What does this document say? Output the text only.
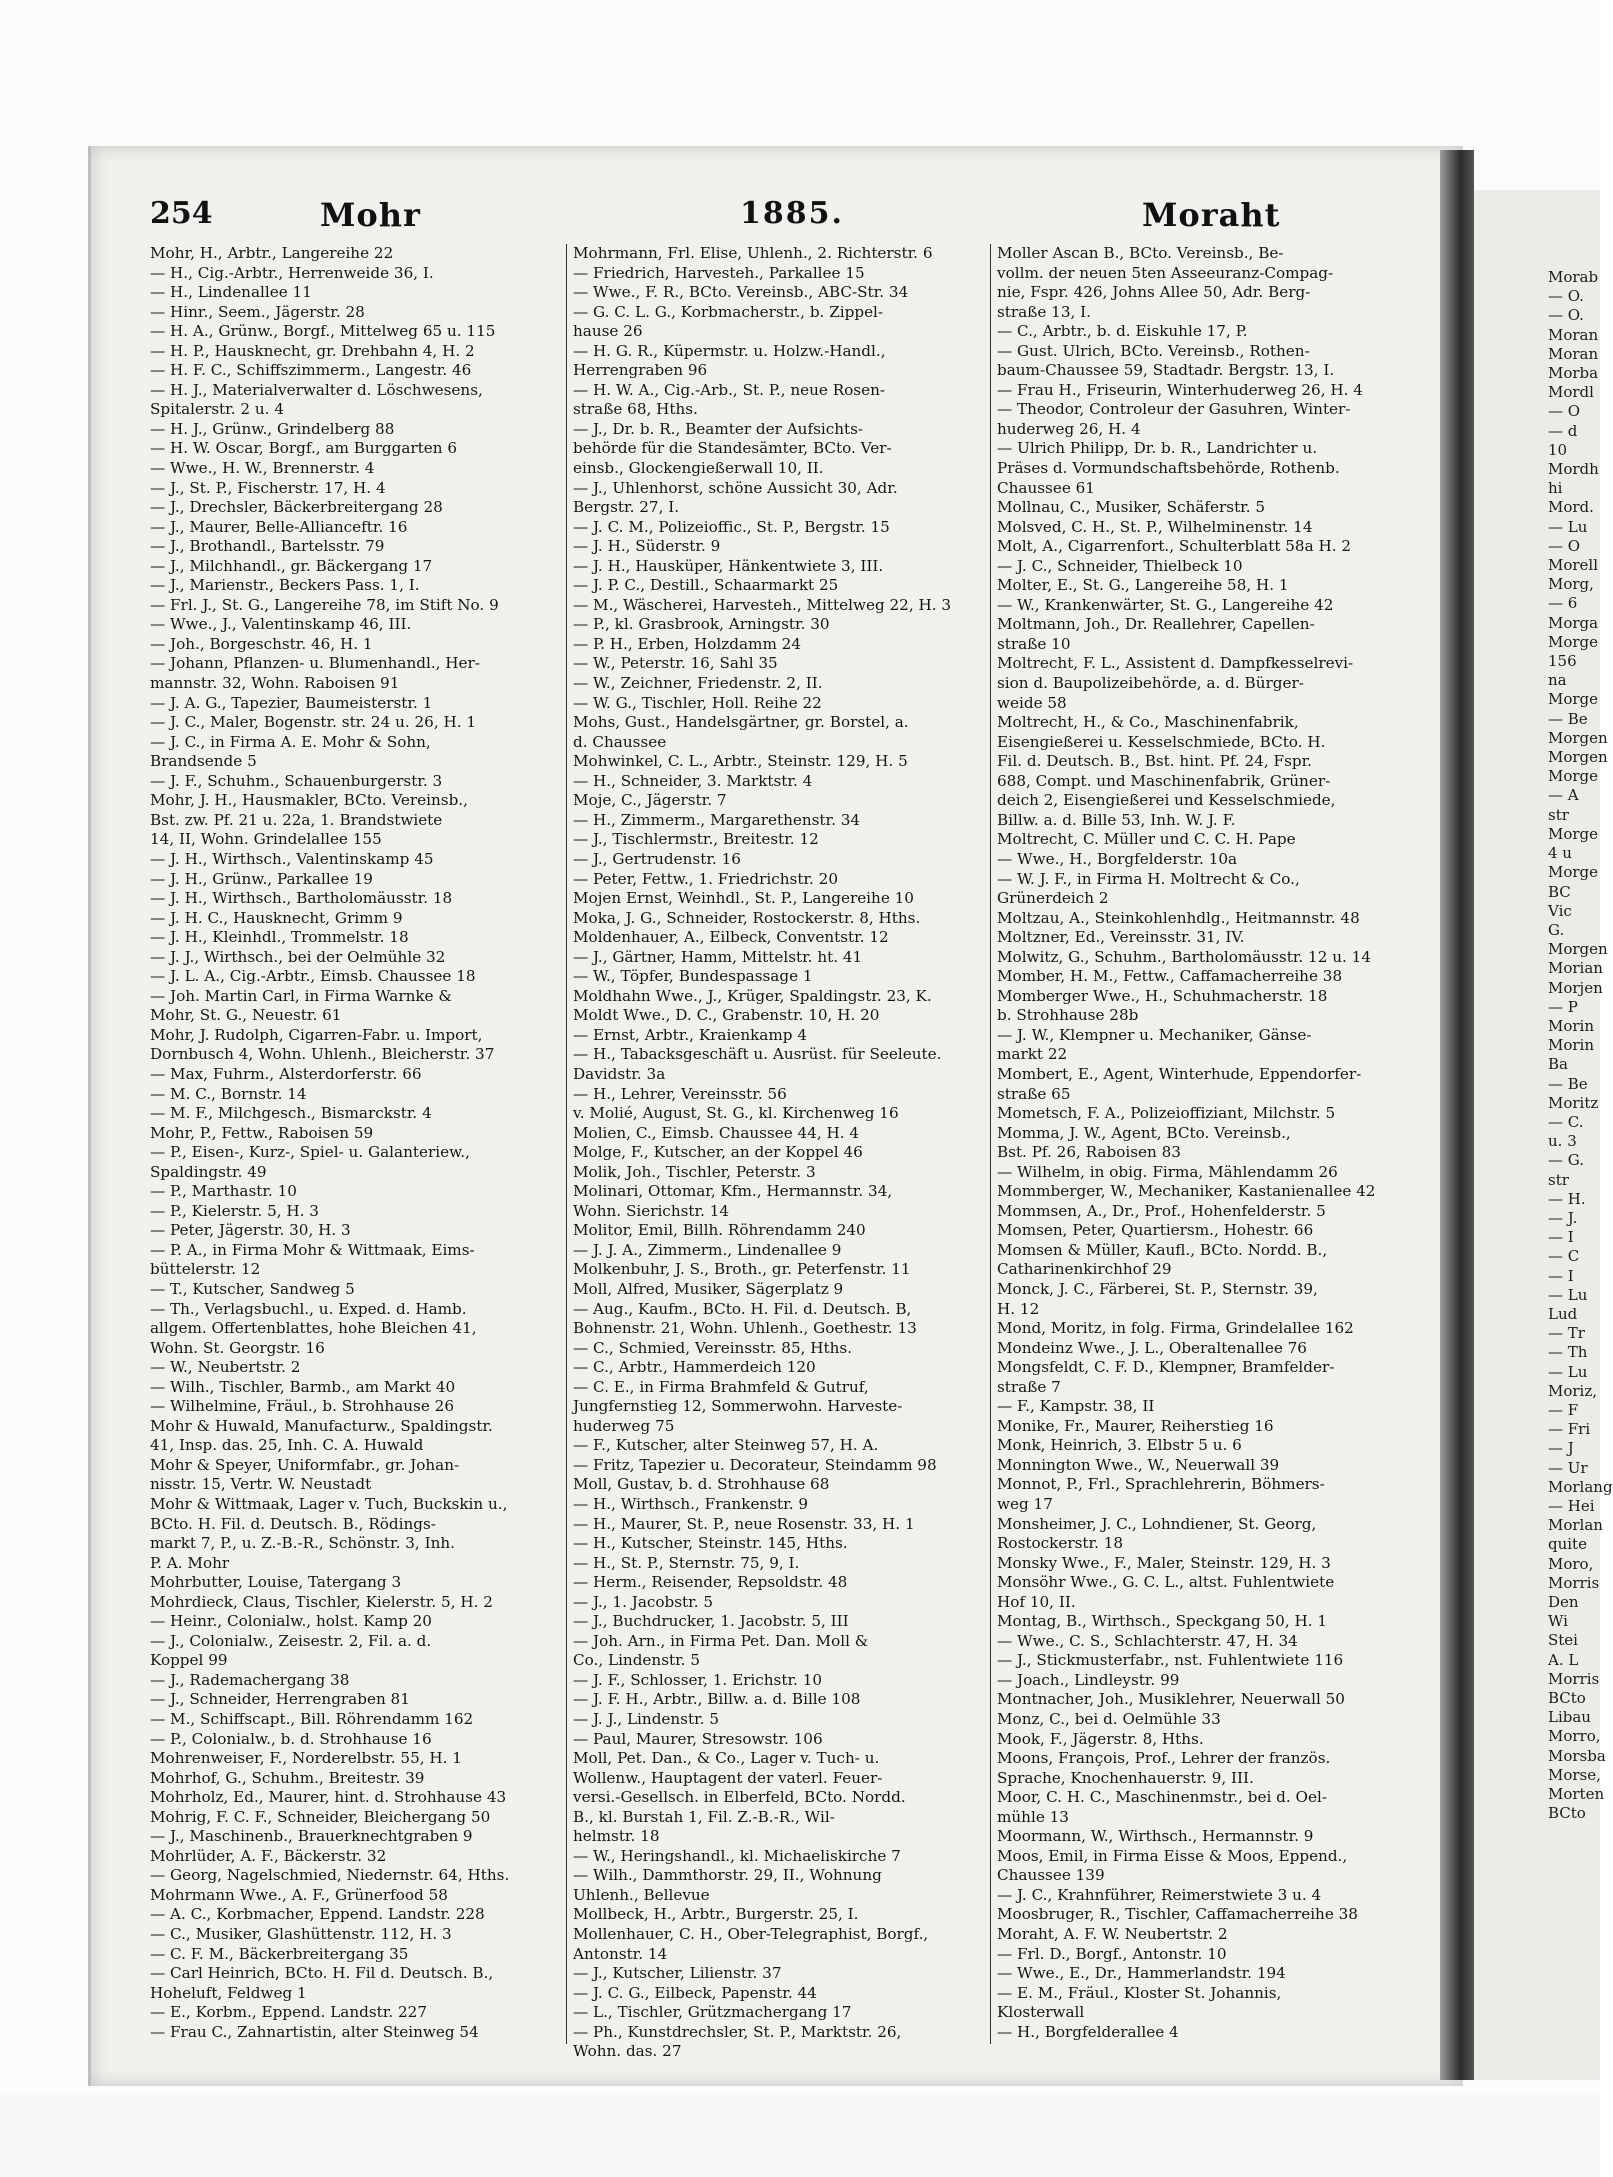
254	Mohr	1885.	Moraht
Mohr, H., Arbtr., Langereihe 22
— H., Cig.-Arbtr., Herrenweide 36, I.
— H., Lindenallee 11
— Hinr., Seem., Jägerstr. 28
— H. A., Grünw., Borgf., Mittelweg 65 u. 115
— H. P., Hausknecht, gr. Drehbahn 4, H. 2
— H. F. C., Schiffszimmerm., Langestr. 46
— H. J., Materialverwalter d. Löschwesens,
Spitalerstr. 2 u. 4
— H. J., Grünw., Grindelberg 88
— H. W. Oscar, Borgf., am Burggarten 6
— Wwe., H. W., Brennerstr. 4
— J., St. P., Fischerstr. 17, H. 4
— J., Drechsler, Bäckerbreitergang 28
— J., Maurer, Belle-Allianceftr. 16
— J., Brothandl., Bartelsstr. 79
— J., Milchhandl., gr. Bäckergang 17
— J., Marienstr., Beckers Pass. 1, I.
— Frl. J., St. G., Langereihe 78, im Stift No. 9
— Wwe., J., Valentinskamp 46, III.
— Joh., Borgeschstr. 46, H. 1
— Johann, Pflanzen- u. Blumenhandl., Her-
mannstr. 32, Wohn. Raboisen 91
— J. A. G., Tapezier, Baumeisterstr. 1
— J. C., Maler, Bogenstr. str. 24 u. 26, H. 1
— J. C., in Firma A. E. Mohr & Sohn,
Brandsende 5
— J. F., Schuhm., Schauenburgerstr. 3
Mohr, J. H., Hausmakler, BCto. Vereinsb.,
Bst. zw. Pf. 21 u. 22a, 1. Brandstwiete
14, II, Wohn. Grindelallee 155
— J. H., Wirthsch., Valentinskamp 45
— J. H., Grünw., Parkallee 19
— J. H., Wirthsch., Bartholomäusstr. 18
— J. H. C., Hausknecht, Grimm 9
— J. H., Kleinhdl., Trommelstr. 18
— J. J., Wirthsch., bei der Oelmühle 32
— J. L. A., Cig.-Arbtr., Eimsb. Chaussee 18
— Joh. Martin Carl, in Firma Warnke &
Mohr, St. G., Neuestr. 61
Mohr, J. Rudolph, Cigarren-Fabr. u. Import,
Dornbusch 4, Wohn. Uhlenh., Bleicherstr. 37
— Max, Fuhrm., Alsterdorferstr. 66
— M. C., Bornstr. 14
— M. F., Milchgesch., Bismarckstr. 4
Mohr, P., Fettw., Raboisen 59
— P., Eisen-, Kurz-, Spiel- u. Galanteriew.,
Spaldingstr. 49
— P., Marthastr. 10
— P., Kielerstr. 5, H. 3
— Peter, Jägerstr. 30, H. 3
— P. A., in Firma Mohr & Wittmaak, Eims-
büttelerstr. 12
— T., Kutscher, Sandweg 5
— Th., Verlagsbuchl., u. Exped. d. Hamb.
allgem. Offertenblattes, hohe Bleichen 41,
Wohn. St. Georgstr. 16
— W., Neubertstr. 2
— Wilh., Tischler, Barmb., am Markt 40
— Wilhelmine, Fräul., b. Strohhause 26
Mohr & Huwald, Manufacturw., Spaldingstr.
41, Insp. das. 25, Inh. C. A. Huwald
Mohr & Speyer, Uniformfabr., gr. Johan-
nisstr. 15, Vertr. W. Neustadt
Mohr & Wittmaak, Lager v. Tuch, Buckskin u.,
BCto. H. Fil. d. Deutsch. B., Rödings-
markt 7, P., u. Z.-B.-R., Schönstr. 3, Inh.
P. A. Mohr
Mohrbutter, Louise, Tatergang 3
Mohrdieck, Claus, Tischler, Kielerstr. 5, H. 2
— Heinr., Colonialw., holst. Kamp 20
— J., Colonialw., Zeisestr. 2, Fil. a. d.
Koppel 99
— J., Rademachergang 38
— J., Schneider, Herrengraben 81
— M., Schiffscapt., Bill. Röhrendamm 162
— P., Colonialw., b. d. Strohhause 16
Mohrenweiser, F., Norderelbstr. 55, H. 1
Mohrhof, G., Schuhm., Breitestr. 39
Mohrholz, Ed., Maurer, hint. d. Strohhause 43
Mohrig, F. C. F., Schneider, Bleichergang 50
— J., Maschinenb., Brauerknechtgraben 9
Mohrlüder, A. F., Bäckerstr. 32
— Georg, Nagelschmied, Niedernstr. 64, Hths.
Mohrmann Wwe., A. F., Grünerfood 58
— A. C., Korbmacher, Eppend. Landstr. 228
— C., Musiker, Glashüttenstr. 112, H. 3
— C. F. M., Bäckerbreitergang 35
— Carl Heinrich, BCto. H. Fil d. Deutsch. B.,
Hoheluft, Feldweg 1
— E., Korbm., Eppend. Landstr. 227
— Frau C., Zahnartistin, alter Steinweg 54
Mohrmann, Frl. Elise, Uhlenh., 2. Richterstr. 6
— Friedrich, Harvesteh., Parkallee 15
— Wwe., F. R., BCto. Vereinsb., ABC-Str. 34
— G. C. L. G., Korbmacherstr., b. Zippel-
hause 26
— H. G. R., Küpermstr. u. Holzw.-Handl.,
Herrengraben 96
— H. W. A., Cig.-Arb., St. P., neue Rosen-
straße 68, Hths.
— J., Dr. b. R., Beamter der Aufsichts-
behörde für die Standesämter, BCto. Ver-
einsb., Glockengießerwall 10, II.
— J., Uhlenhorst, schöne Aussicht 30, Adr.
Bergstr. 27, I.
— J. C. M., Polizeioffic., St. P., Bergstr. 15
— J. H., Süderstr. 9
— J. H., Hausküper, Hänkentwiete 3, III.
— J. P. C., Destill., Schaarmarkt 25
— M., Wäscherei, Harvesteh., Mittelweg 22, H. 3
— P., kl. Grasbrook, Arningstr. 30
— P. H., Erben, Holzdamm 24
— W., Peterstr. 16, Sahl 35
— W., Zeichner, Friedenstr. 2, II.
— W. G., Tischler, Holl. Reihe 22
Mohs, Gust., Handelsgärtner, gr. Borstel, a.
d. Chaussee
Mohwinkel, C. L., Arbtr., Steinstr. 129, H. 5
— H., Schneider, 3. Marktstr. 4
Moje, C., Jägerstr. 7
— H., Zimmerm., Margarethenstr. 34
— J., Tischlermstr., Breitestr. 12
— J., Gertrudenstr. 16
— Peter, Fettw., 1. Friedrichstr. 20
Mojen Ernst, Weinhdl., St. P., Langereihe 10
Moka, J. G., Schneider, Rostockerstr. 8, Hths.
Moldenhauer, A., Eilbeck, Conventstr. 12
— J., Gärtner, Hamm, Mittelstr. ht. 41
— W., Töpfer, Bundespassage 1
Moldhahn Wwe., J., Krüger, Spaldingstr. 23, K.
Moldt Wwe., D. C., Grabenstr. 10, H. 20
— Ernst, Arbtr., Kraienkamp 4
— H., Tabacksgeschäft u. Ausrüst. für Seeleute.
Davidstr. 3a
— H., Lehrer, Vereinsstr. 56
v. Molié, August, St. G., kl. Kirchenweg 16
Molien, C., Eimsb. Chaussee 44, H. 4
Molge, F., Kutscher, an der Koppel 46
Molik, Joh., Tischler, Peterstr. 3
Molinari, Ottomar, Kfm., Hermannstr. 34,
Wohn. Sierichstr. 14
Molitor, Emil, Billh. Röhrendamm 240
— J. J. A., Zimmerm., Lindenallee 9
Molkenbuhr, J. S., Broth., gr. Peterfenstr. 11
Moll, Alfred, Musiker, Sägerplatz 9
— Aug., Kaufm., BCto. H. Fil. d. Deutsch. B,
Bohnenstr. 21, Wohn. Uhlenh., Goethestr. 13
— C., Schmied, Vereinsstr. 85, Hths.
— C., Arbtr., Hammerdeich 120
— C. E., in Firma Brahmfeld & Gutruf,
Jungfernstieg 12, Sommerwohn. Harveste-
huderweg 75
— F., Kutscher, alter Steinweg 57, H. A.
— Fritz, Tapezier u. Decorateur, Steindamm 98
Moll, Gustav, b. d. Strohhause 68
— H., Wirthsch., Frankenstr. 9
— H., Maurer, St. P., neue Rosenstr. 33, H. 1
— H., Kutscher, Steinstr. 145, Hths.
— H., St. P., Sternstr. 75, 9, I.
— Herm., Reisender, Repsoldstr. 48
— J., 1. Jacobstr. 5
— J., Buchdrucker, 1. Jacobstr. 5, III
— Joh. Arn., in Firma Pet. Dan. Moll &
Co., Lindenstr. 5
— J. F., Schlosser, 1. Erichstr. 10
— J. F. H., Arbtr., Billw. a. d. Bille 108
— J. J., Lindenstr. 5
— Paul, Maurer, Stresowstr. 106
Moll, Pet. Dan., & Co., Lager v. Tuch- u.
Wollenw., Hauptagent der vaterl. Feuer-
versi.-Gesellsch. in Elberfeld, BCto. Nordd.
B., kl. Burstah 1, Fil. Z.-B.-R., Wil-
helmstr. 18
— W., Heringshandl., kl. Michaeliskirche 7
— Wilh., Dammthorstr. 29, II., Wohnung
Uhlenh., Bellevue
Mollbeck, H., Arbtr., Burgerstr. 25, I.
Mollenhauer, C. H., Ober-Telegraphist, Borgf.,
Antonstr. 14
— J., Kutscher, Lilienstr. 37
— J. C. G., Eilbeck, Papenstr. 44
— L., Tischler, Grützmachergang 17
— Ph., Kunstdrechsler, St. P., Marktstr. 26,
Wohn. das. 27
Moller Ascan B., BCto. Vereinsb., Be-
vollm. der neuen 5ten Asseeuranz-Compag-
nie, Fspr. 426, Johns Allee 50, Adr. Berg-
straße 13, I.
— C., Arbtr., b. d. Eiskuhle 17, P.
— Gust. Ulrich, BCto. Vereinsb., Rothen-
baum-Chaussee 59, Stadtadr. Bergstr. 13, I.
— Frau H., Friseurin, Winterhuderweg 26, H. 4
— Theodor, Controleur der Gasuhren, Winter-
huderweg 26, H. 4
— Ulrich Philipp, Dr. b. R., Landrichter u.
Präses d. Vormundschaftsbehörde, Rothenb.
Chaussee 61
Mollnau, C., Musiker, Schäferstr. 5
Molsved, C. H., St. P., Wilhelminenstr. 14
Molt, A., Cigarrenfort., Schulterblatt 58a H. 2
— J. C., Schneider, Thielbeck 10
Molter, E., St. G., Langereihe 58, H. 1
— W., Krankenwärter, St. G., Langereihe 42
Moltmann, Joh., Dr. Reallehrer, Capellen-
straße 10
Moltrecht, F. L., Assistent d. Dampfkesselrevi-
sion d. Baupolizeibehörde, a. d. Bürger-
weide 58
Moltrecht, H., & Co., Maschinenfabrik,
Eisengießerei u. Kesselschmiede, BCto. H.
Fil. d. Deutsch. B., Bst. hint. Pf. 24, Fspr.
688, Compt. und Maschinenfabrik, Grüner-
deich 2, Eisengießerei und Kesselschmiede,
Billw. a. d. Bille 53, Inh. W. J. F.
Moltrecht, C. Müller und C. C. H. Pape
— Wwe., H., Borgfelderstr. 10a
— W. J. F., in Firma H. Moltrecht & Co.,
Grünerdeich 2
Moltzau, A., Steinkohlenhdlg., Heitmannstr. 48
Moltzner, Ed., Vereinsstr. 31, IV.
Molwitz, G., Schuhm., Bartholomäusstr. 12 u. 14
Momber, H. M., Fettw., Caffamacherreihe 38
Momberger Wwe., H., Schuhmacherstr. 18
b. Strohhause 28b
— J. W., Klempner u. Mechaniker, Gänse-
markt 22
Mombert, E., Agent, Winterhude, Eppendorfer-
straße 65
Mometsch, F. A., Polizeioffiziant, Milchstr. 5
Momma, J. W., Agent, BCto. Vereinsb.,
Bst. Pf. 26, Raboisen 83
— Wilhelm, in obig. Firma, Mählendamm 26
Mommberger, W., Mechaniker, Kastanienallee 42
Mommsen, A., Dr., Prof., Hohenfelderstr. 5
Momsen, Peter, Quartiersm., Hohestr. 66
Momsen & Müller, Kaufl., BCto. Nordd. B.,
Catharinenkirchhof 29
Monck, J. C., Färberei, St. P., Sternstr. 39,
H. 12
Mond, Moritz, in folg. Firma, Grindelallee 162
Mondeinz Wwe., J. L., Oberaltenallee 76
Mongsfeldt, C. F. D., Klempner, Bramfelder-
straße 7
— F., Kampstr. 38, II
Monike, Fr., Maurer, Reiherstieg 16
Monk, Heinrich, 3. Elbstr 5 u. 6
Monnington Wwe., W., Neuerwall 39
Monnot, P., Frl., Sprachlehrerin, Böhmers-
weg 17
Monsheimer, J. C., Lohndiener, St. Georg,
Rostockerstr. 18
Monsky Wwe., F., Maler, Steinstr. 129, H. 3
Monsöhr Wwe., G. C. L., altst. Fuhlentwiete
Hof 10, II.
Montag, B., Wirthsch., Speckgang 50, H. 1
— Wwe., C. S., Schlachterstr. 47, H. 34
— J., Stickmusterfabr., nst. Fuhlentwiete 116
— Joach., Lindleystr. 99
Montnacher, Joh., Musiklehrer, Neuerwall 50
Monz, C., bei d. Oelmühle 33
Mook, F., Jägerstr. 8, Hths.
Moons, François, Prof., Lehrer der französ.
Sprache, Knochenhauerstr. 9, III.
Moor, C. H. C., Maschinenmstr., bei d. Oel-
mühle 13
Moormann, W., Wirthsch., Hermannstr. 9
Moos, Emil, in Firma Eisse & Moos, Eppend.,
Chaussee 139
— J. C., Krahnführer, Reimerstwiete 3 u. 4
Moosbruger, R., Tischler, Caffamacherreihe 38
Moraht, A. F. W. Neubertstr. 2
— Frl. D., Borgf., Antonstr. 10
— Wwe., E., Dr., Hammerlandstr. 194
— E. M., Fräul., Kloster St. Johannis,
Klosterwall
— H., Borgfelderallee 4
Morab
— O.
— O.
Moran
Moran
Morba
Mordl
— O
— d
10
Mordh
hi
Mord.
— Lu
— O
Morell
Morg,
— 6
Morga
Morge
156
na
Morge
— Be
Morgen
Morgen
Morge
— A
str
Morge
4 u
Morge
BC
Vic
G.
Morgen
Morian
Morjen
— P
Morin
Morin
Ba
— Be
Moritz
— C.
u. 3
— G.
str
— H.
— J.
— I
— C
— I
— Lu
Lud
— Tr
— Th
— Lu
Moriz,
— F
— Fri
— J
— Ur
Morlang
— Hei
Morlan
quite
Moro,
Morris
Den
Wi
Stei
A. L
Morris
BCto
Libau
Morro,
Morsba
Morse,
Morten
BCto
